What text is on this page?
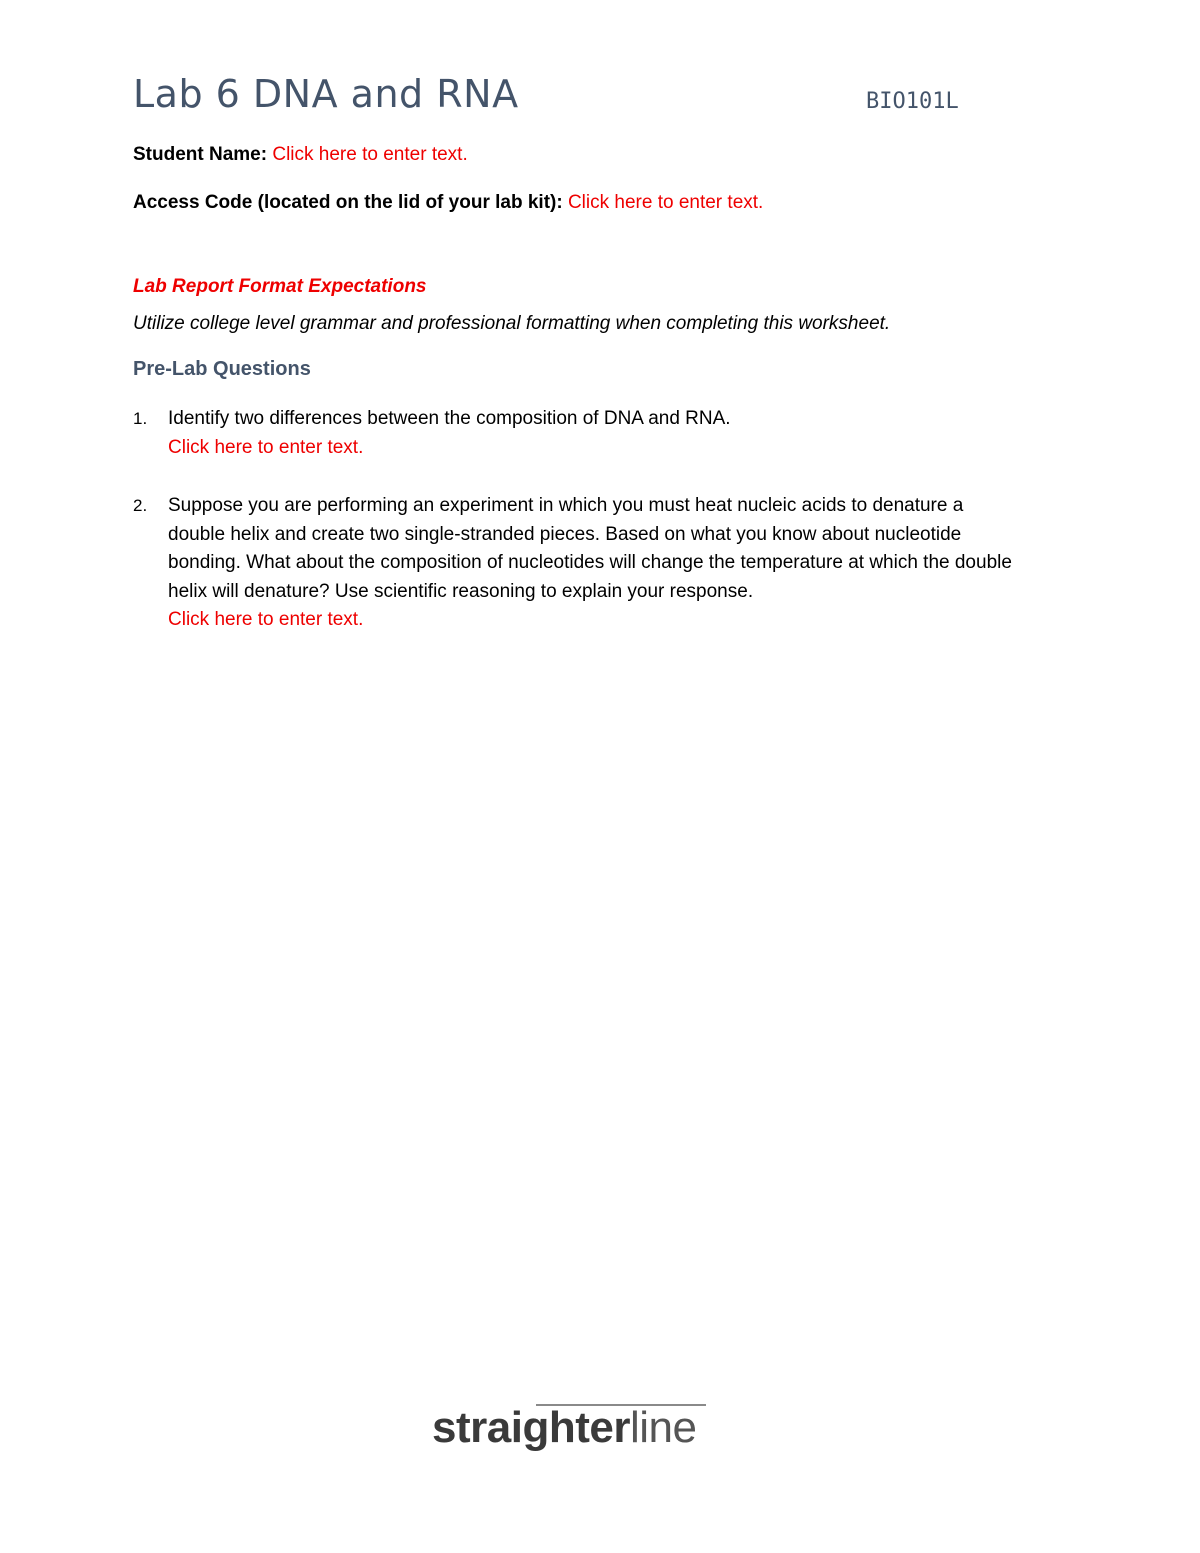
Lab 6 DNA and RNA	BIO101L
Student Name: Click here to enter text.
Access Code (located on the lid of your lab kit): Click here to enter text.
Lab Report Format Expectations
Utilize college level grammar and professional formatting when completing this worksheet.
Pre-Lab Questions
1. Identify two differences between the composition of DNA and RNA.
Click here to enter text.
2. Suppose you are performing an experiment in which you must heat nucleic acids to denature a double helix and create two single-stranded pieces. Based on what you know about nucleotide bonding. What about the composition of nucleotides will change the temperature at which the double helix will denature? Use scientific reasoning to explain your response.
Click here to enter text.
straighterline
